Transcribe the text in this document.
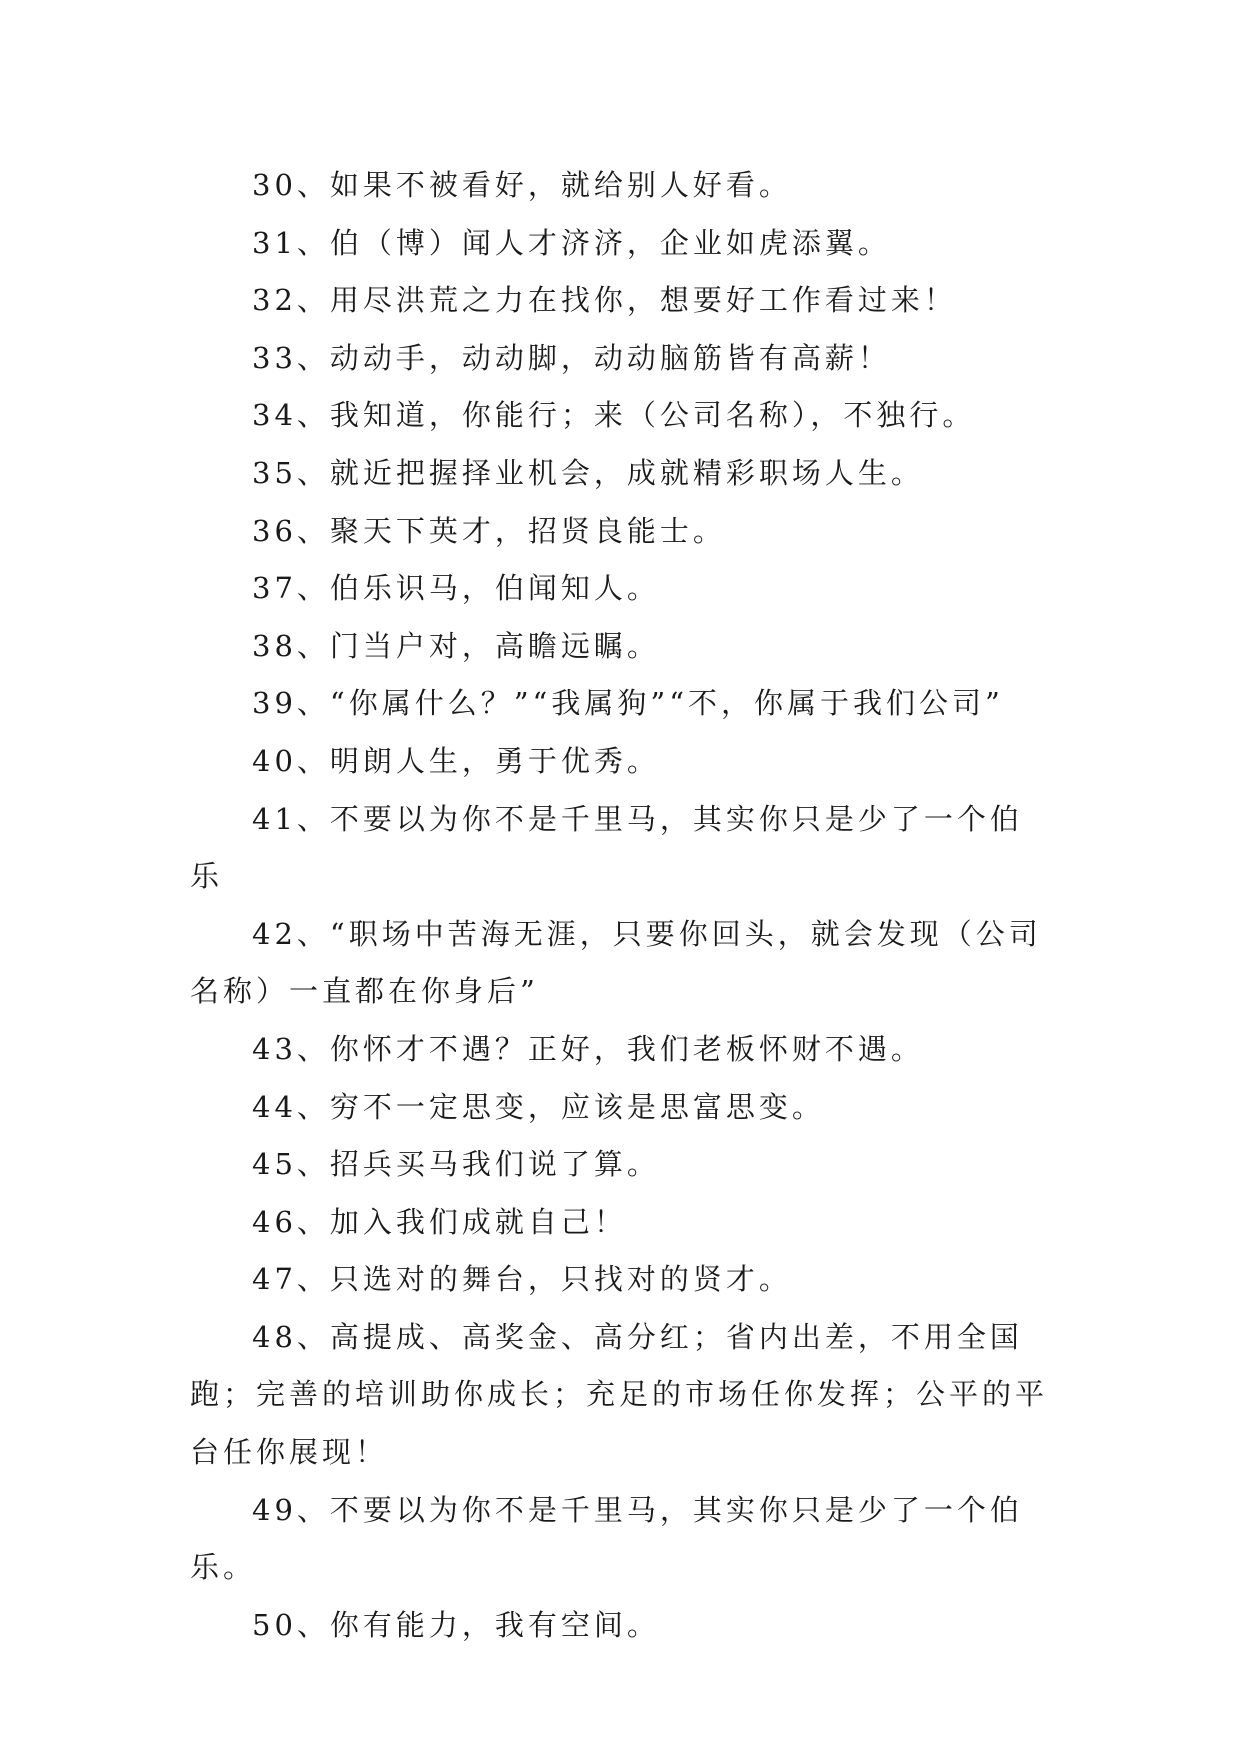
30、如果不被看好，就给别人好看。

31、伯（博）闻人才济济，企业如虎添翼。

32、用尽洪荒之力在找你，想要好工作看过来！

33、动动手，动动脚，动动脑筋皆有高薪！

34、我知道，你能行；来（公司名称），不独行。

35、就近把握择业机会，成就精彩职场人生。

36、聚天下英才，招贤良能士。

37、伯乐识马，伯闻知人。

38、门当户对，高瞻远瞩。

39、“你属什么？”“我属狗”“不，你属于我们公司”

40、明朗人生，勇于优秀。

41、不要以为你不是千里马，其实你只是少了一个伯乐

42、“职场中苦海无涯，只要你回头，就会发现（公司名称）一直都在你身后”

43、你怀才不遇？正好，我们老板怀财不遇。

44、穷不一定思变，应该是思富思变。

45、招兵买马我们说了算。

46、加入我们成就自己！

47、只选对的舞台，只找对的贤才。

48、高提成、高奖金、高分红；省内出差，不用全国跑；完善的培训助你成长；充足的市场任你发挥；公平的平台任你展现！

49、不要以为你不是千里马，其实你只是少了一个伯乐。

50、你有能力，我有空间。
